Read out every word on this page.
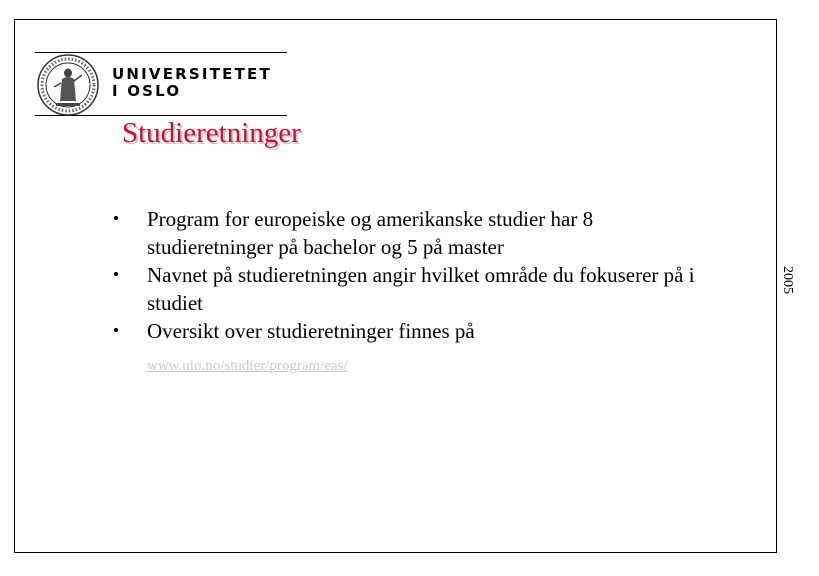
2005
UNIVERSITETET
I OSLO
Studieretninger
Program for europeiske og amerikanske studier har 8 studieretninger på bachelor og 5 på master
Navnet på studieretningen angir hvilket område du fokuserer på i studiet
Oversikt over studieretninger finnes på
www.uio.no/studier/program/eas/
